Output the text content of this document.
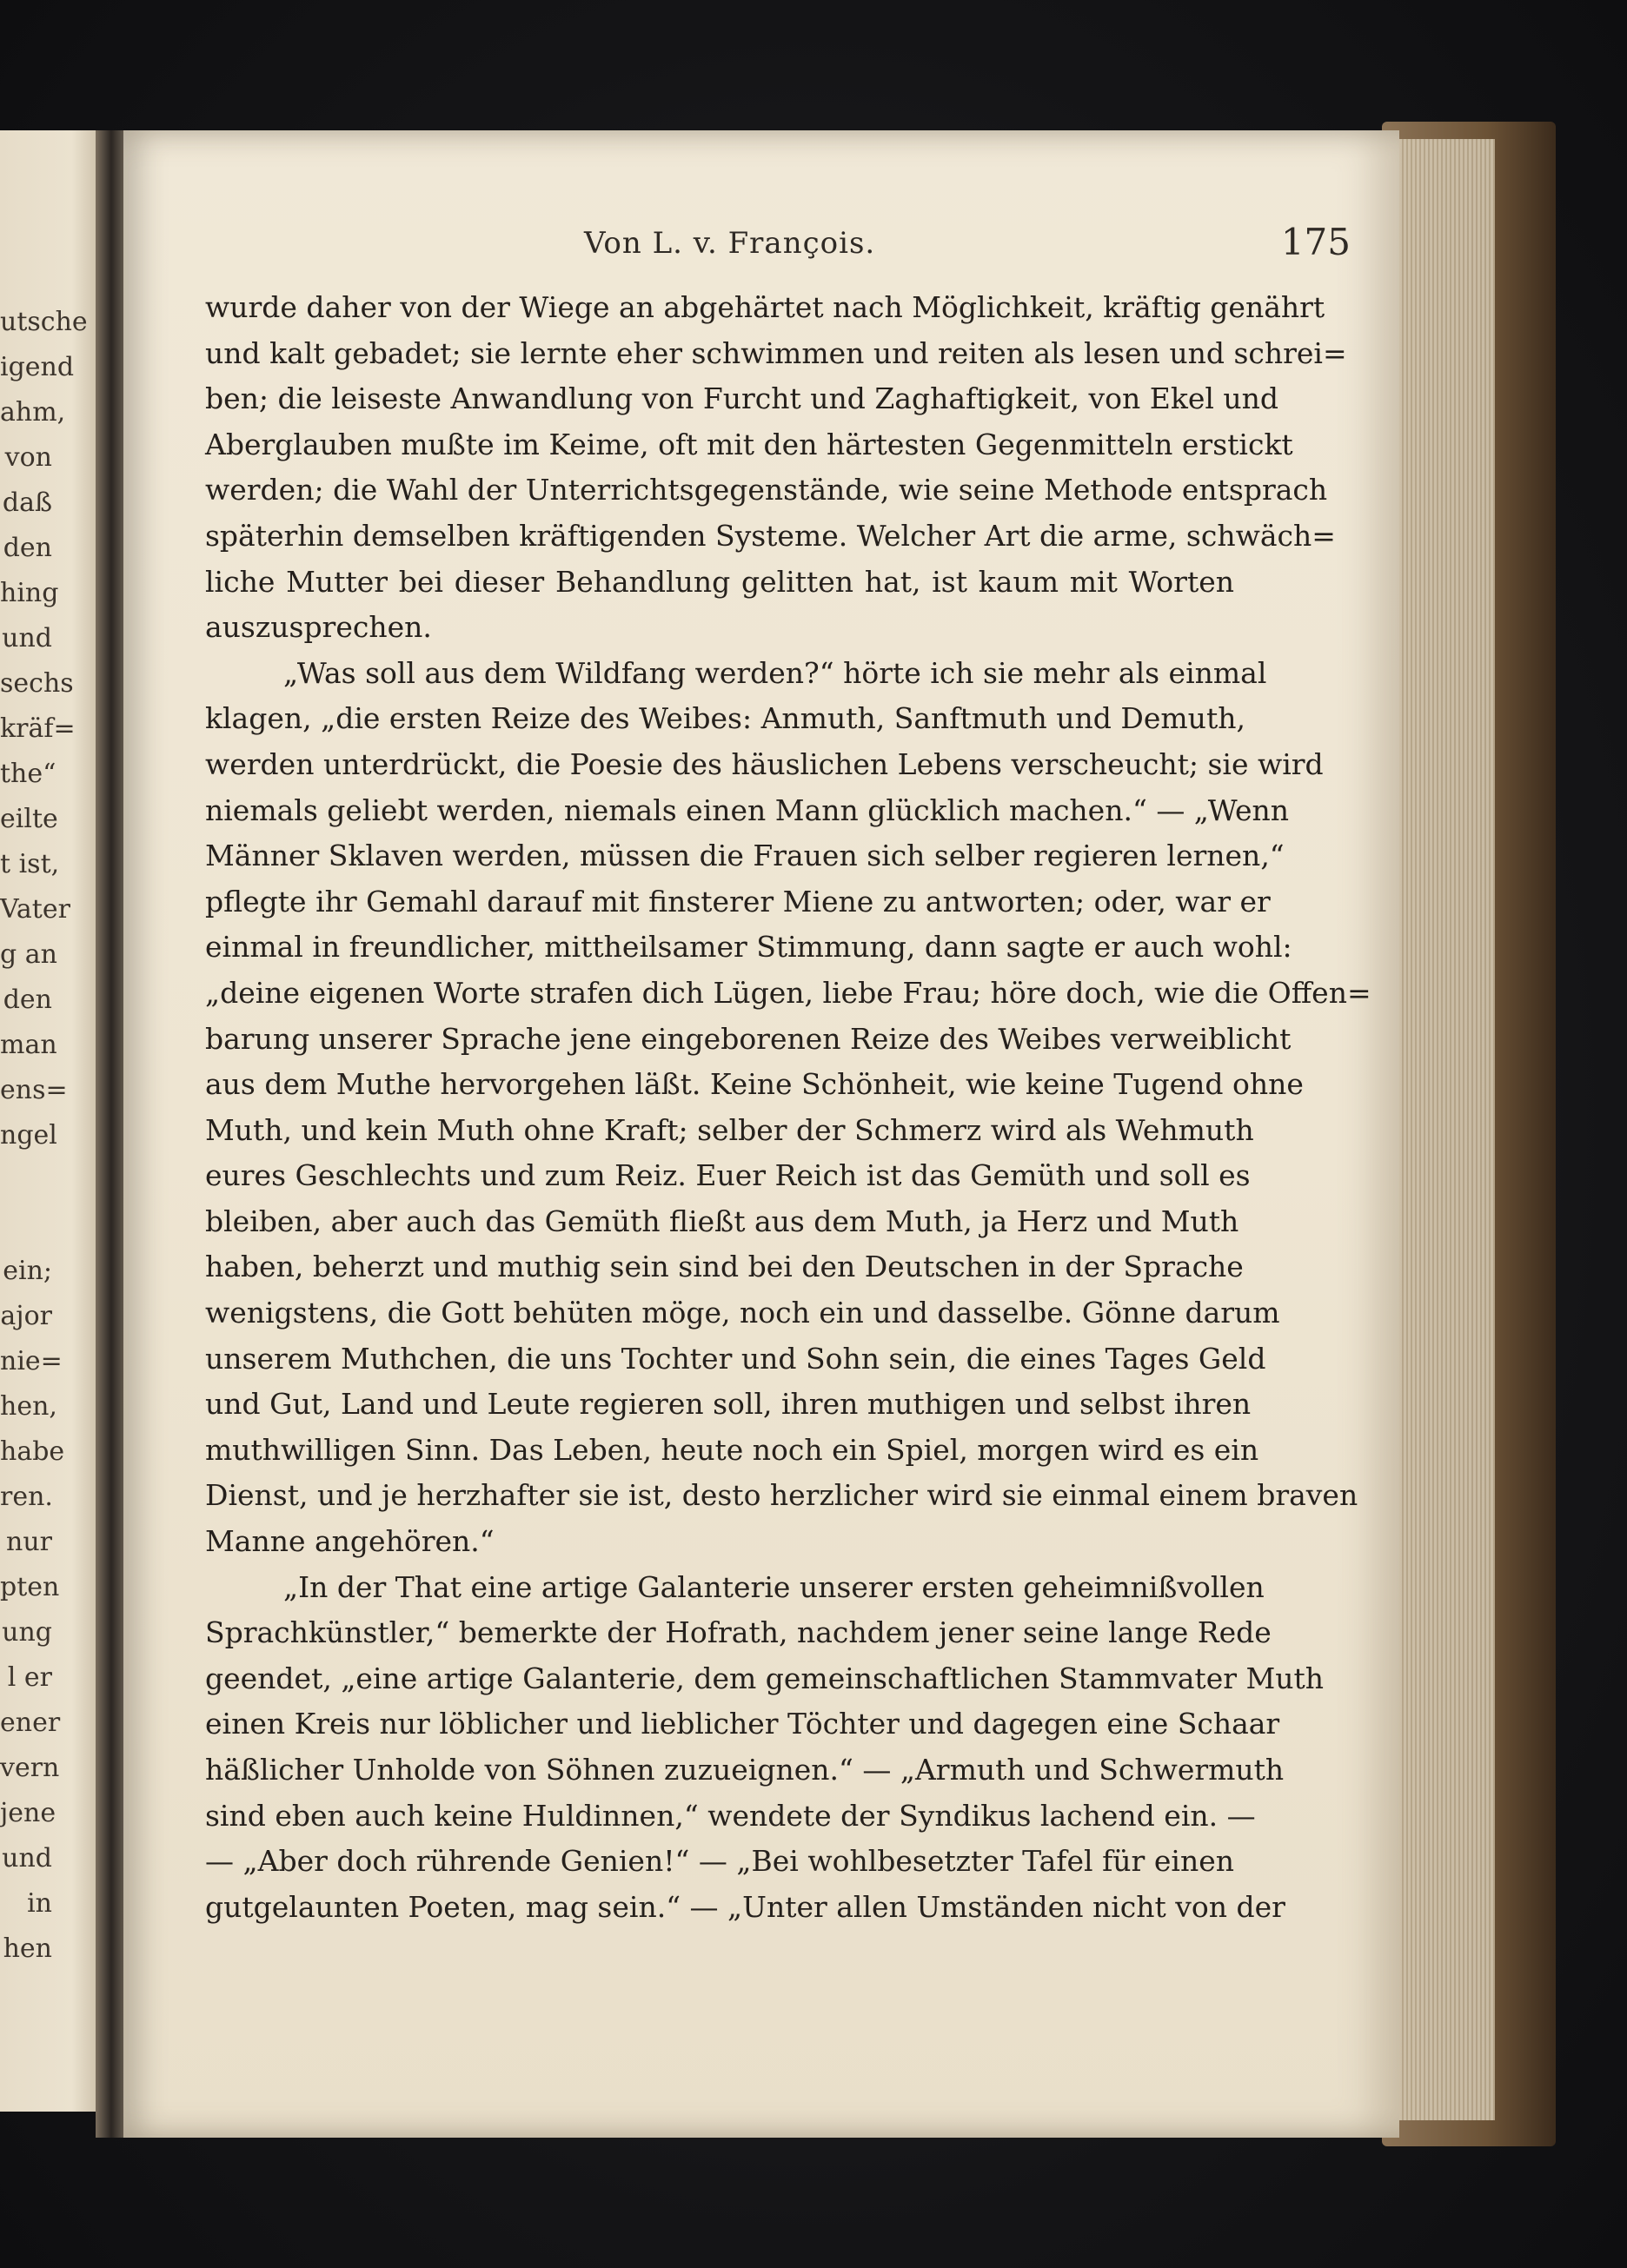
utsche
igend
ahm,
von
daß
den
hing
und
sechs
kräf=
the“
eilte
t ist,
Vater
g an
den
man
ens=
ngel
ein;
ajor
nie=
hen,
habe
ren.
nur
pten
ung
l er
ener
vern
jene
und
in
hen
Von L. v. François.	175
wurde daher von der Wiege an abgehärtet nach Möglichkeit, kräftig genährt
und kalt gebadet; sie lernte eher schwimmen und reiten als lesen und schrei=
ben; die leiseste Anwandlung von Furcht und Zaghaftigkeit, von Ekel und
Aberglauben mußte im Keime, oft mit den härtesten Gegenmitteln erstickt
werden; die Wahl der Unterrichtsgegenstände, wie seine Methode entsprach
späterhin demselben kräftigenden Systeme. Welcher Art die arme, schwäch=
liche Mutter bei dieser Behandlung gelitten hat, ist kaum mit Worten
auszusprechen.
„Was soll aus dem Wildfang werden?“ hörte ich sie mehr als einmal
klagen, „die ersten Reize des Weibes: Anmuth, Sanftmuth und Demuth,
werden unterdrückt, die Poesie des häuslichen Lebens verscheucht; sie wird
niemals geliebt werden, niemals einen Mann glücklich machen.“ — „Wenn
Männer Sklaven werden, müssen die Frauen sich selber regieren lernen,“
pflegte ihr Gemahl darauf mit finsterer Miene zu antworten; oder, war er
einmal in freundlicher, mittheilsamer Stimmung, dann sagte er auch wohl:
„deine eigenen Worte strafen dich Lügen, liebe Frau; höre doch, wie die Offen=
barung unserer Sprache jene eingeborenen Reize des Weibes verweiblicht
aus dem Muthe hervorgehen läßt. Keine Schönheit, wie keine Tugend ohne
Muth, und kein Muth ohne Kraft; selber der Schmerz wird als Wehmuth
eures Geschlechts und zum Reiz. Euer Reich ist das Gemüth und soll es
bleiben, aber auch das Gemüth fließt aus dem Muth, ja Herz und Muth
haben, beherzt und muthig sein sind bei den Deutschen in der Sprache
wenigstens, die Gott behüten möge, noch ein und dasselbe. Gönne darum
unserem Muthchen, die uns Tochter und Sohn sein, die eines Tages Geld
und Gut, Land und Leute regieren soll, ihren muthigen und selbst ihren
muthwilligen Sinn. Das Leben, heute noch ein Spiel, morgen wird es ein
Dienst, und je herzhafter sie ist, desto herzlicher wird sie einmal einem braven
Manne angehören.“
„In der That eine artige Galanterie unserer ersten geheimnißvollen
Sprachkünstler,“ bemerkte der Hofrath, nachdem jener seine lange Rede
geendet, „eine artige Galanterie, dem gemeinschaftlichen Stammvater Muth
einen Kreis nur löblicher und lieblicher Töchter und dagegen eine Schaar
häßlicher Unholde von Söhnen zuzueignen.“ — „Armuth und Schwermuth
sind eben auch keine Huldinnen,“ wendete der Syndikus lachend ein. —
— „Aber doch rührende Genien!“ — „Bei wohlbesetzter Tafel für einen
gutgelaunten Poeten, mag sein.“ — „Unter allen Umständen nicht von der
